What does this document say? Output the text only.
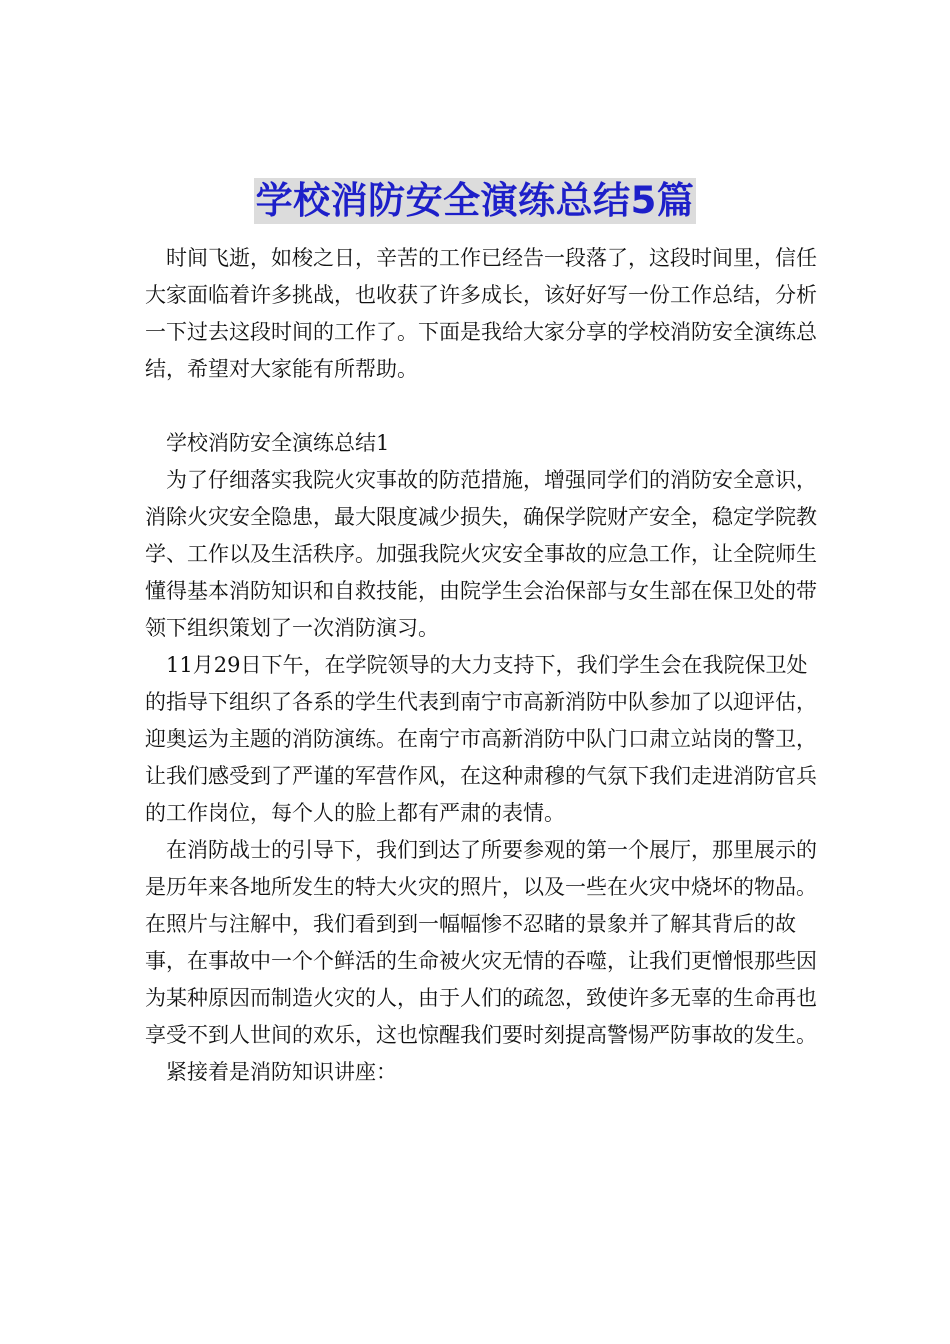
学校消防安全演练总结5篇

时间飞逝，如梭之日，辛苦的工作已经告一段落了，这段时间里，信任大家面临着许多挑战，也收获了许多成长，该好好写一份工作总结，分析一下过去这段时间的工作了。下面是我给大家分享的学校消防安全演练总结，希望对大家能有所帮助。

学校消防安全演练总结1

为了仔细落实我院火灾事故的防范措施，增强同学们的消防安全意识，消除火灾安全隐患，最大限度减少损失，确保学院财产安全，稳定学院教学、工作以及生活秩序。加强我院火灾安全事故的应急工作，让全院师生懂得基本消防知识和自救技能，由院学生会治保部与女生部在保卫处的带领下组织策划了一次消防演习。

11月29日下午，在学院领导的大力支持下，我们学生会在我院保卫处的指导下组织了各系的学生代表到南宁市高新消防中队参加了以迎评估，迎奥运为主题的消防演练。在南宁市高新消防中队门口肃立站岗的警卫，让我们感受到了严谨的军营作风，在这种肃穆的气氛下我们走进消防官兵的工作岗位，每个人的脸上都有严肃的表情。

在消防战士的引导下，我们到达了所要参观的第一个展厅，那里展示的是历年来各地所发生的特大火灾的照片，以及一些在火灾中烧坏的物品。在照片与注解中，我们看到到一幅幅惨不忍睹的景象并了解其背后的故事，在事故中一个个鲜活的生命被火灾无情的吞噬，让我们更憎恨那些因为某种原因而制造火灾的人，由于人们的疏忽，致使许多无辜的生命再也享受不到人世间的欢乐，这也惊醒我们要时刻提高警惕严防事故的发生。

紧接着是消防知识讲座：
